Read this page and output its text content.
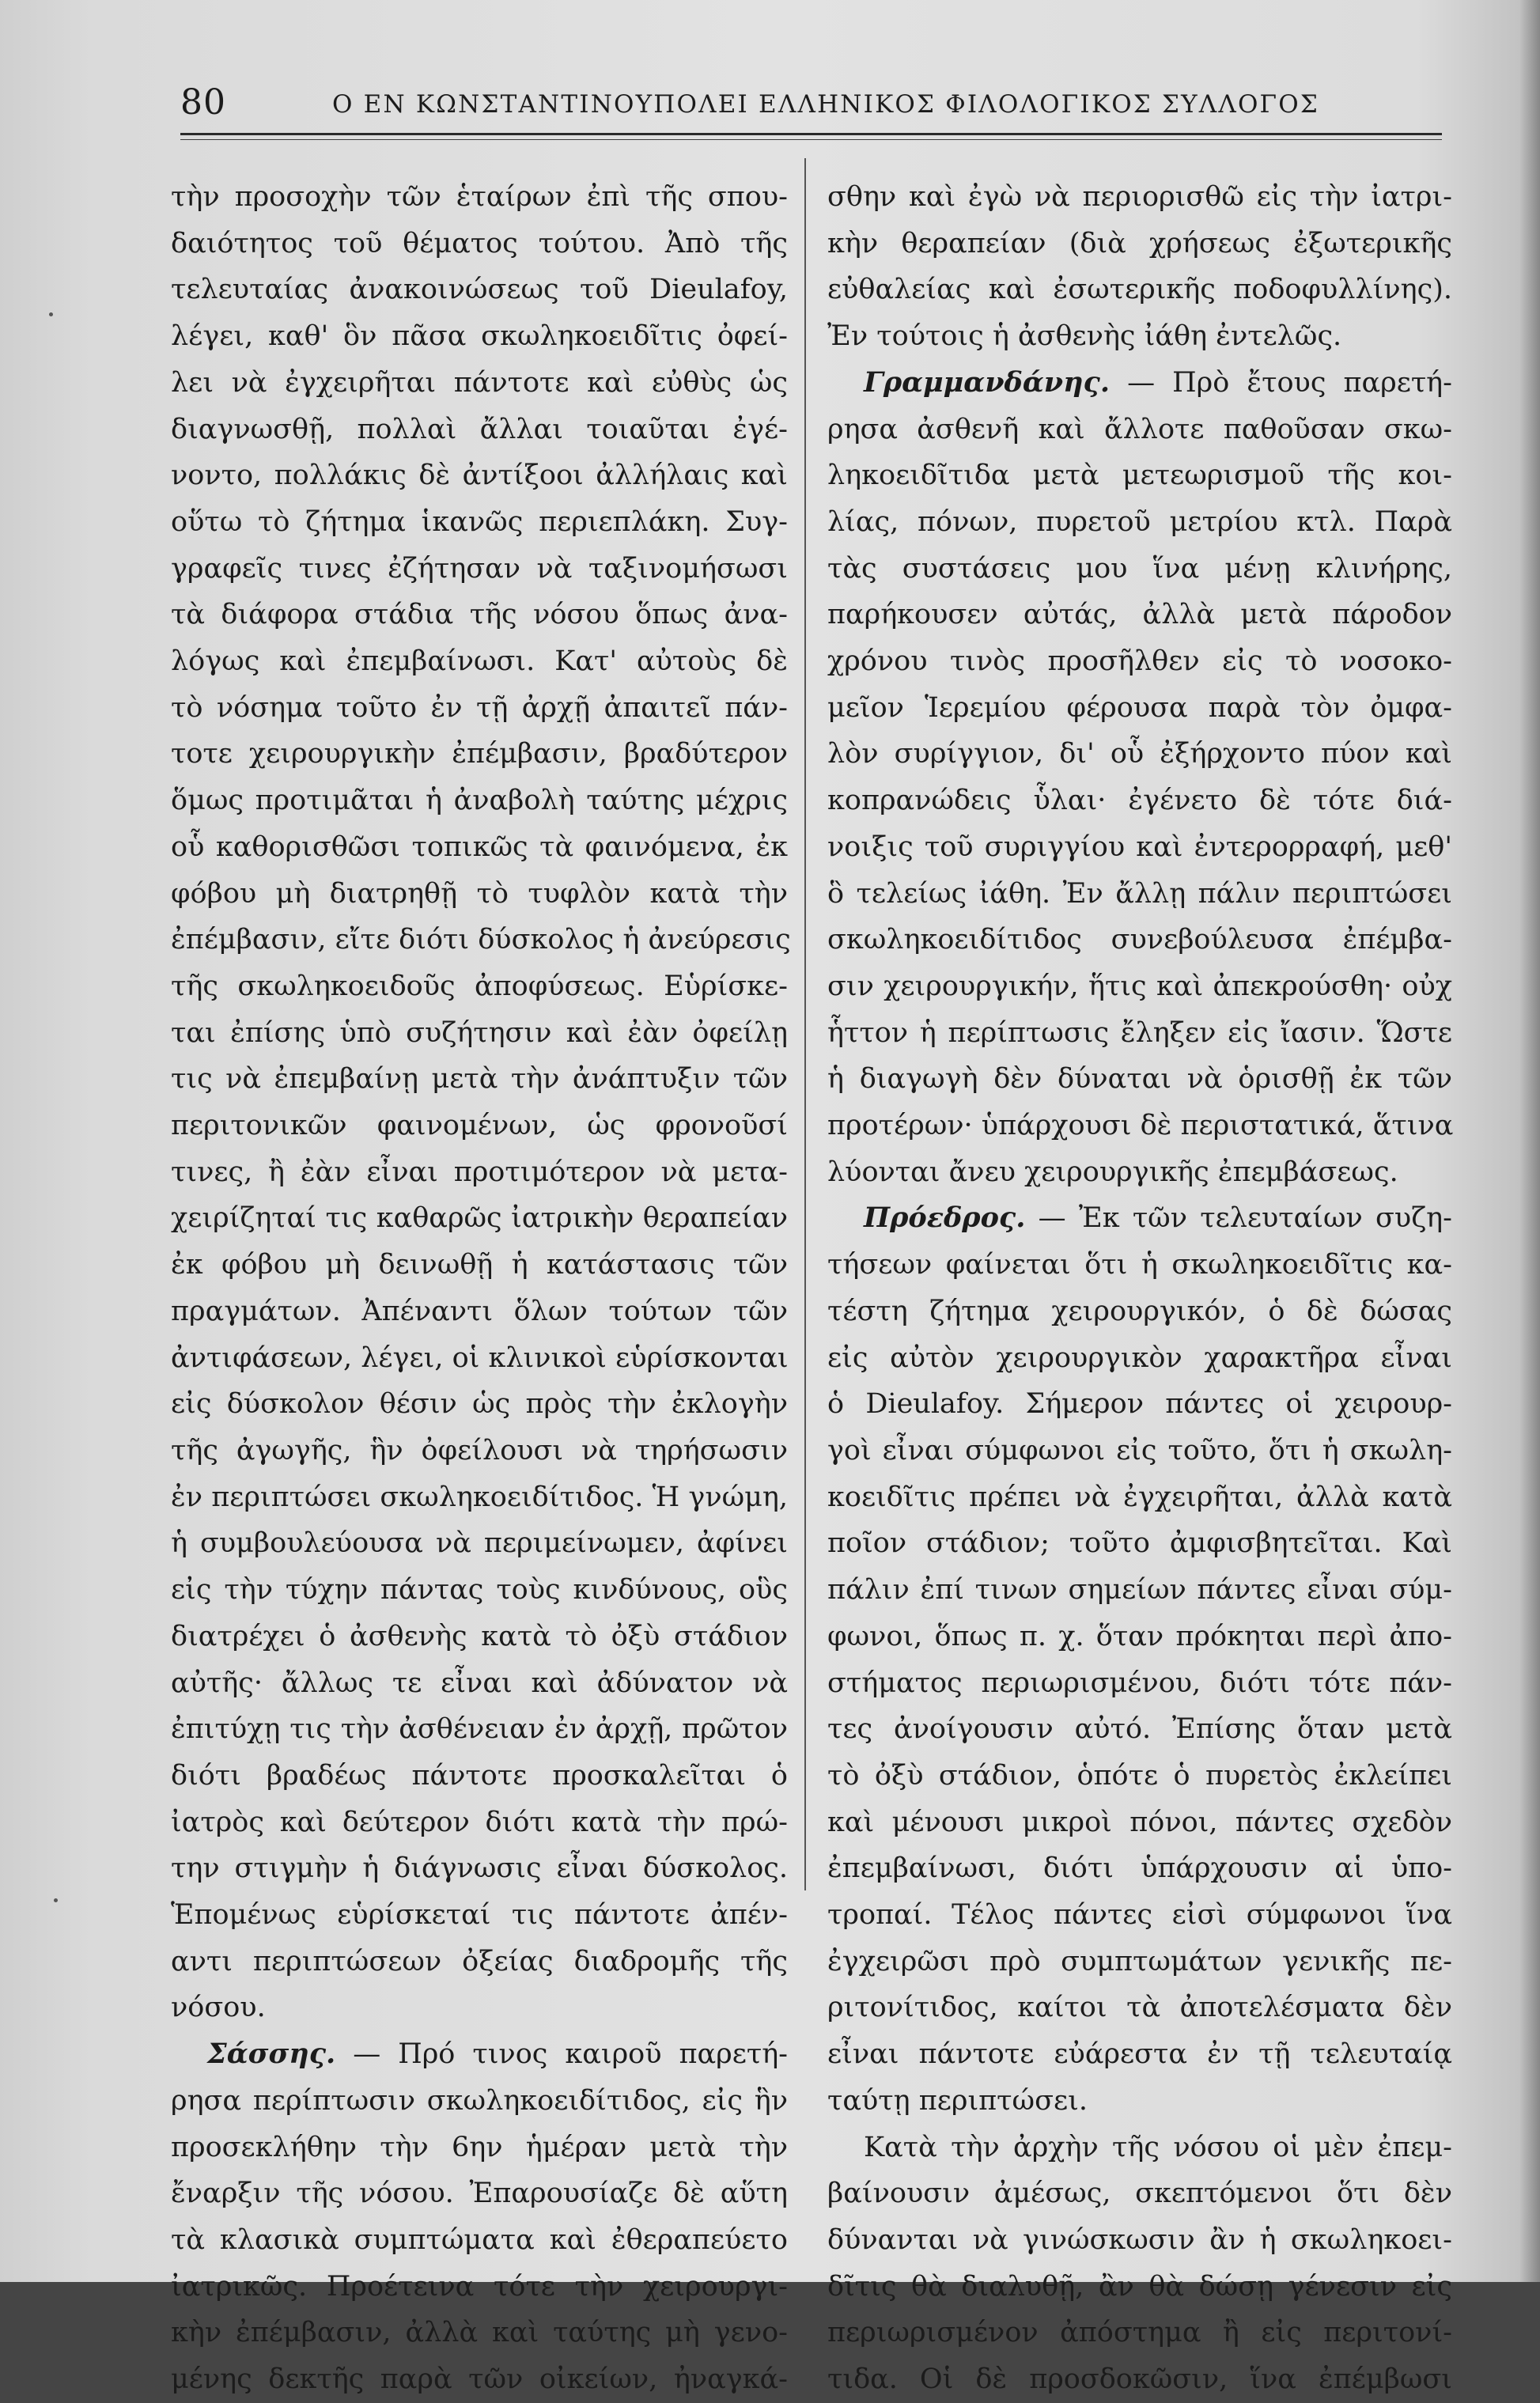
80	Ο ΕΝ ΚΩΝΣΤΑΝΤΙΝΟΥΠΟΛΕΙ ΕΛΛΗΝΙΚΟΣ ΦΙΛΟΛΟΓΙΚΟΣ ΣΥΛΛΟΓΟΣ
τὴν προσοχὴν τῶν ἑταίρων ἐπὶ τῆς σπου-
δαιότητος τοῦ θέματος τούτου. Ἀπὸ τῆς
τελευταίας ἀνακοινώσεως τοῦ Dieulafoy,
λέγει, καθ' ὃν πᾶσα σκωληκοειδῖτις ὀφεί-
λει νὰ ἐγχειρῆται πάντοτε καὶ εὐθὺς ὡς
διαγνωσθῇ, πολλαὶ ἄλλαι τοιαῦται ἐγέ-
νοντο, πολλάκις δὲ ἀντίξοοι ἀλλήλαις καὶ
οὕτω τὸ ζήτημα ἱκανῶς περιεπλάκη. Συγ-
γραφεῖς τινες ἐζήτησαν νὰ ταξινομήσωσι
τὰ διάφορα στάδια τῆς νόσου ὅπως ἀνα-
λόγως καὶ ἐπεμβαίνωσι. Κατ' αὐτοὺς δὲ
τὸ νόσημα τοῦτο ἐν τῇ ἀρχῇ ἀπαιτεῖ πάν-
τοτε χειρουργικὴν ἐπέμβασιν, βραδύτερον
ὅμως προτιμᾶται ἡ ἀναβολὴ ταύτης μέχρις
οὗ καθορισθῶσι τοπικῶς τὰ φαινόμενα, ἐκ
φόβου μὴ διατρηθῇ τὸ τυφλὸν κατὰ τὴν
ἐπέμβασιν, εἴτε διότι δύσκολος ἡ ἀνεύρεσις
τῆς σκωληκοειδοῦς ἀποφύσεως. Εὑρίσκε-
ται ἐπίσης ὑπὸ συζήτησιν καὶ ἐὰν ὀφείλῃ
τις νὰ ἐπεμβαίνῃ μετὰ τὴν ἀνάπτυξιν τῶν
περιτονικῶν φαινομένων, ὡς φρονοῦσί
τινες, ἢ ἐὰν εἶναι προτιμότερον νὰ μετα-
χειρίζηταί τις καθαρῶς ἰατρικὴν θεραπείαν
ἐκ φόβου μὴ δεινωθῇ ἡ κατάστασις τῶν
πραγμάτων. Ἀπέναντι ὅλων τούτων τῶν
ἀντιφάσεων, λέγει, οἱ κλινικοὶ εὑρίσκονται
εἰς δύσκολον θέσιν ὡς πρὸς τὴν ἐκλογὴν
τῆς ἀγωγῆς, ἣν ὀφείλουσι νὰ τηρήσωσιν
ἐν περιπτώσει σκωληκοειδίτιδος. Ἡ γνώμη,
ἡ συμβουλεύουσα νὰ περιμείνωμεν, ἀφίνει
εἰς τὴν τύχην πάντας τοὺς κινδύνους, οὓς
διατρέχει ὁ ἀσθενὴς κατὰ τὸ ὀξὺ στάδιον
αὐτῆς· ἄλλως τε εἶναι καὶ ἀδύνατον νὰ
ἐπιτύχῃ τις τὴν ἀσθένειαν ἐν ἀρχῇ, πρῶτον
διότι βραδέως πάντοτε προσκαλεῖται ὁ
ἰατρὸς καὶ δεύτερον διότι κατὰ τὴν πρώ-
την στιγμὴν ἡ διάγνωσις εἶναι δύσκολος.
Ἑπομένως εὑρίσκεταί τις πάντοτε ἀπέν-
αντι περιπτώσεων ὀξείας διαδρομῆς τῆς
νόσου.
Σάσσης. — Πρό τινος καιροῦ παρετή-
ρησα περίπτωσιν σκωληκοειδίτιδος, εἰς ἣν
προσεκλήθην τὴν 6ην ἡμέραν μετὰ τὴν
ἔναρξιν τῆς νόσου. Ἐπαρουσίαζε δὲ αὕτη
τὰ κλασικὰ συμπτώματα καὶ ἐθεραπεύετο
ἰατρικῶς. Προέτεινα τότε τὴν χειρουργι-
κὴν ἐπέμβασιν, ἀλλὰ καὶ ταύτης μὴ γενο-
μένης δεκτῆς παρὰ τῶν οἰκείων, ἠναγκά-
σθην καὶ ἐγὼ νὰ περιορισθῶ εἰς τὴν ἰατρι-
κὴν θεραπείαν (διὰ χρήσεως ἐξωτερικῆς
εὐθαλείας καὶ ἐσωτερικῆς ποδοφυλλίνης).
Ἐν τούτοις ἡ ἀσθενὴς ἰάθη ἐντελῶς.
Γραμμανδάνης. — Πρὸ ἔτους παρετή-
ρησα ἀσθενῆ καὶ ἄλλοτε παθοῦσαν σκω-
ληκοειδῖτιδα μετὰ μετεωρισμοῦ τῆς κοι-
λίας, πόνων, πυρετοῦ μετρίου κτλ. Παρὰ
τὰς συστάσεις μου ἵνα μένῃ κλινήρης,
παρήκουσεν αὐτάς, ἀλλὰ μετὰ πάροδον
χρόνου τινὸς προσῆλθεν εἰς τὸ νοσοκο-
μεῖον Ἱερεμίου φέρουσα παρὰ τὸν ὀμφα-
λὸν συρίγγιον, δι' οὗ ἐξήρχοντο πύον καὶ
κοπρανώδεις ὗλαι· ἐγένετο δὲ τότε διά-
νοιξις τοῦ συριγγίου καὶ ἐντερορραφή, μεθ'
ὃ τελείως ἰάθη. Ἐν ἄλλῃ πάλιν περιπτώσει
σκωληκοειδίτιδος συνεβούλευσα ἐπέμβα-
σιν χειρουργικήν, ἥτις καὶ ἀπεκρούσθη· οὐχ
ἧττον ἡ περίπτωσις ἔληξεν εἰς ἴασιν. Ὥστε
ἡ διαγωγὴ δὲν δύναται νὰ ὁρισθῇ ἐκ τῶν
προτέρων· ὑπάρχουσι δὲ περιστατικά, ἅτινα
λύονται ἄνευ χειρουργικῆς ἐπεμβάσεως.
Πρόεδρος. — Ἐκ τῶν τελευταίων συζη-
τήσεων φαίνεται ὅτι ἡ σκωληκοειδῖτις κα-
τέστη ζήτημα χειρουργικόν, ὁ δὲ δώσας
εἰς αὐτὸν χειρουργικὸν χαρακτῆρα εἶναι
ὁ Dieulafoy. Σήμερον πάντες οἱ χειρουρ-
γοὶ εἶναι σύμφωνοι εἰς τοῦτο, ὅτι ἡ σκωλη-
κοειδῖτις πρέπει νὰ ἐγχειρῆται, ἀλλὰ κατὰ
ποῖον στάδιον; τοῦτο ἀμφισβητεῖται. Καὶ
πάλιν ἐπί τινων σημείων πάντες εἶναι σύμ-
φωνοι, ὅπως π. χ. ὅταν πρόκηται περὶ ἀπο-
στήματος περιωρισμένου, διότι τότε πάν-
τες ἀνοίγουσιν αὐτό. Ἐπίσης ὅταν μετὰ
τὸ ὀξὺ στάδιον, ὁπότε ὁ πυρετὸς ἐκλείπει
καὶ μένουσι μικροὶ πόνοι, πάντες σχεδὸν
ἐπεμβαίνωσι, διότι ὑπάρχουσιν αἱ ὑπο-
τροπαί. Τέλος πάντες εἰσὶ σύμφωνοι ἵνα
ἐγχειρῶσι πρὸ συμπτωμάτων γενικῆς πε-
ριτονίτιδος, καίτοι τὰ ἀποτελέσματα δὲν
εἶναι πάντοτε εὐάρεστα ἐν τῇ τελευταίᾳ
ταύτῃ περιπτώσει.
Κατὰ τὴν ἀρχὴν τῆς νόσου οἱ μὲν ἐπεμ-
βαίνουσιν ἀμέσως, σκεπτόμενοι ὅτι δὲν
δύνανται νὰ γινώσκωσιν ἂν ἡ σκωληκοει-
δῖτις θὰ διαλυθῇ, ἂν θὰ δώσῃ γένεσιν εἰς
περιωρισμένον ἀπόστημα ἢ εἰς περιτονί-
τιδα. Οἱ δὲ προσδοκῶσιν, ἵνα ἐπέμβωσι
